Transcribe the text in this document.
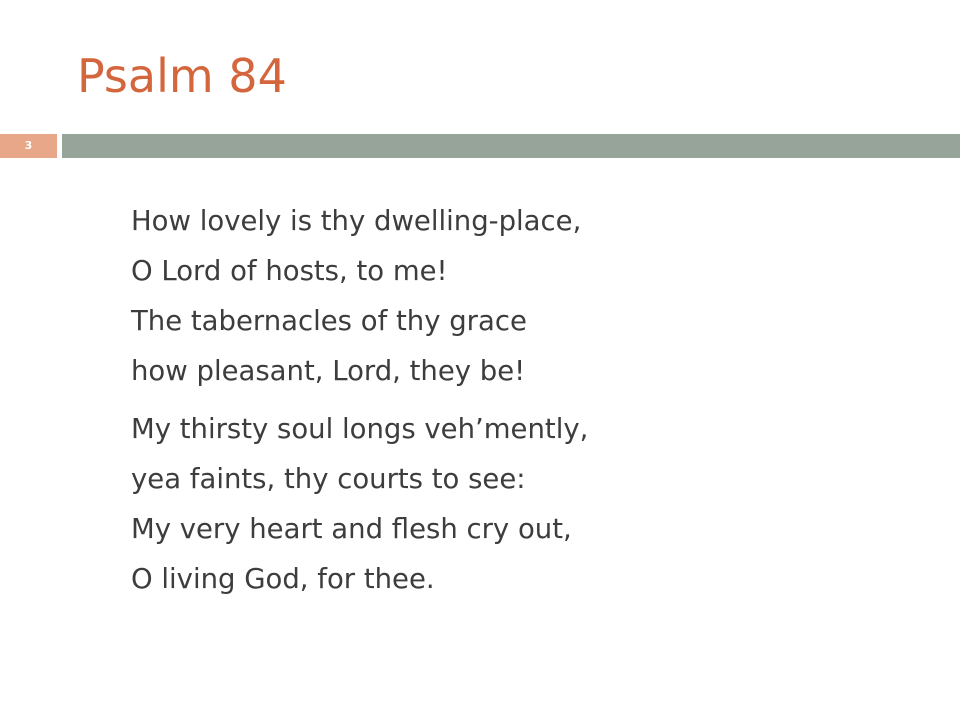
Psalm 84
3
How lovely is thy dwelling-place,
O Lord of hosts, to me!
The tabernacles of thy grace
how pleasant, Lord, they be!
My thirsty soul longs veh’mently,
yea faints, thy courts to see:
My very heart and flesh cry out,
O living God, for thee.
